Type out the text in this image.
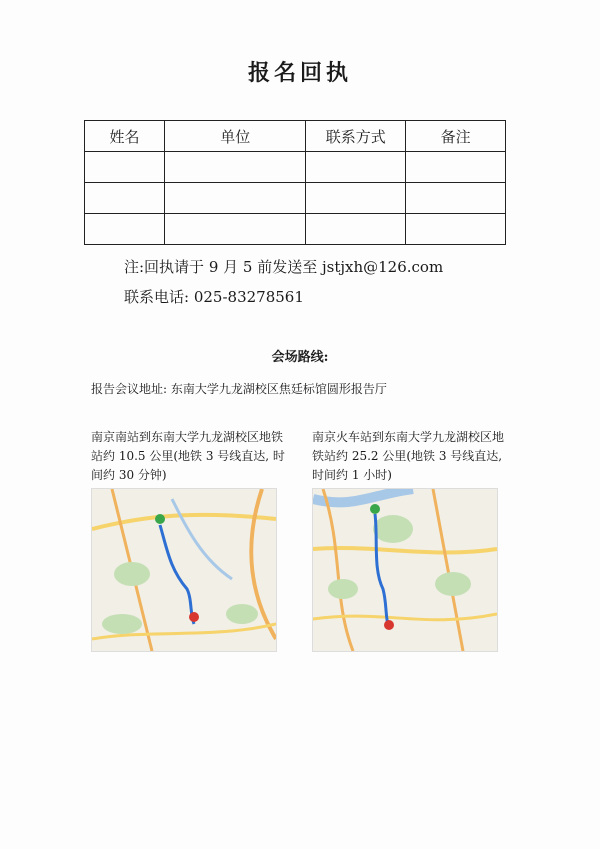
报名回执
姓名	单位	联系方式	备注

注:回执请于 9 月 5 前发送至 jstjxh@126.com
联系电话: 025-83278561
会场路线:
报告会议地址: 东南大学九龙湖校区焦廷标馆圆形报告厅
南京南站到东南大学九龙湖校区地铁站约 10.5 公里(地铁 3 号线直达, 时间约 30 分钟)
南京火车站到东南大学九龙湖校区地铁站约 25.2 公里(地铁 3 号线直达, 时间约 1 小时)
